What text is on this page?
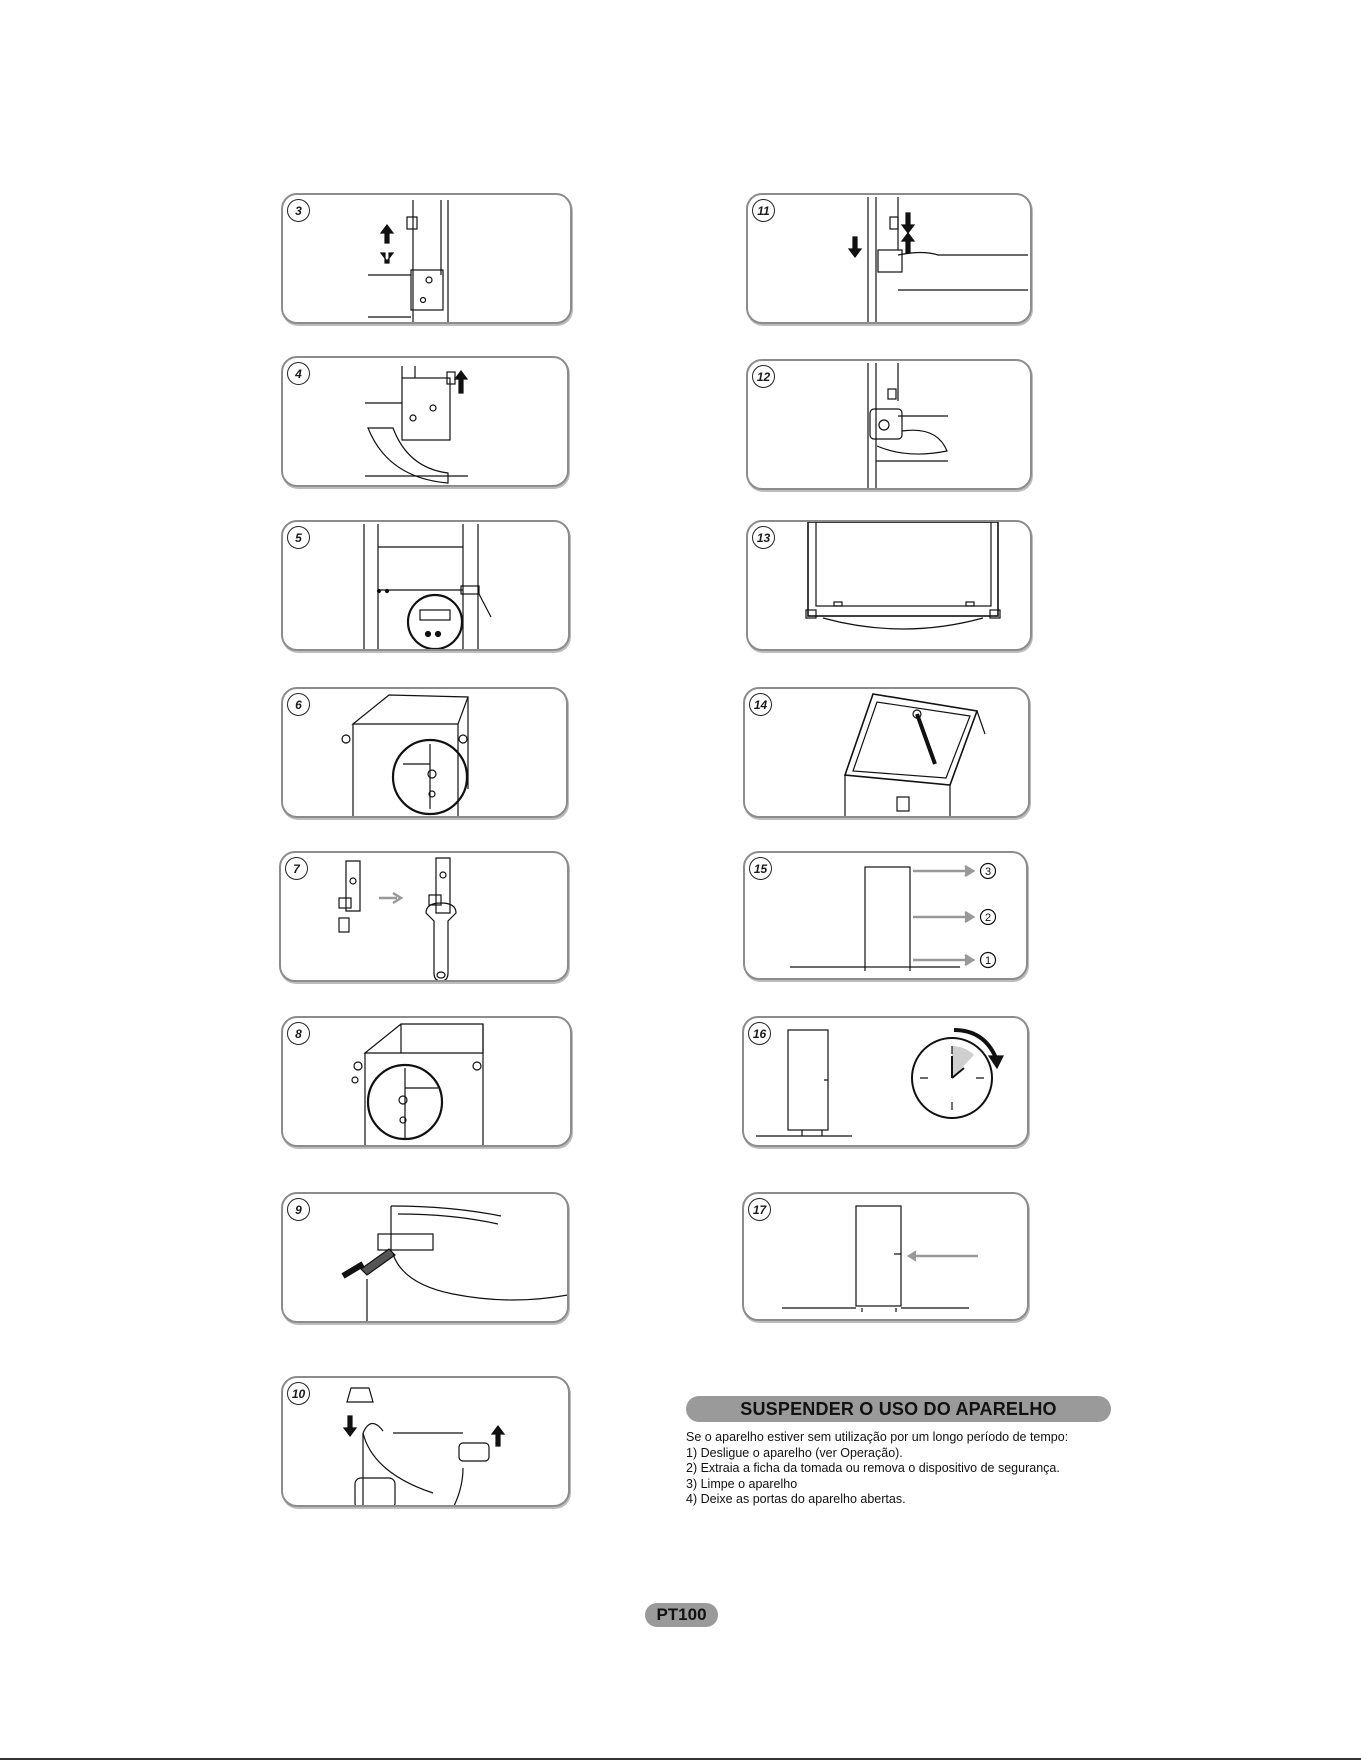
3
4
5
6
7
8
9
10
11
12
13
14
15	3
2
1
16
17
SUSPENDER O USO DO APARELHO

Se o aparelho estiver sem utilização por um longo período de tempo:

1) Desligue o aparelho (ver Operação).

2) Extraia a ficha da tomada ou remova o dispositivo de segurança.

3) Limpe o aparelho

4) Deixe as portas do aparelho abertas.

PT100
